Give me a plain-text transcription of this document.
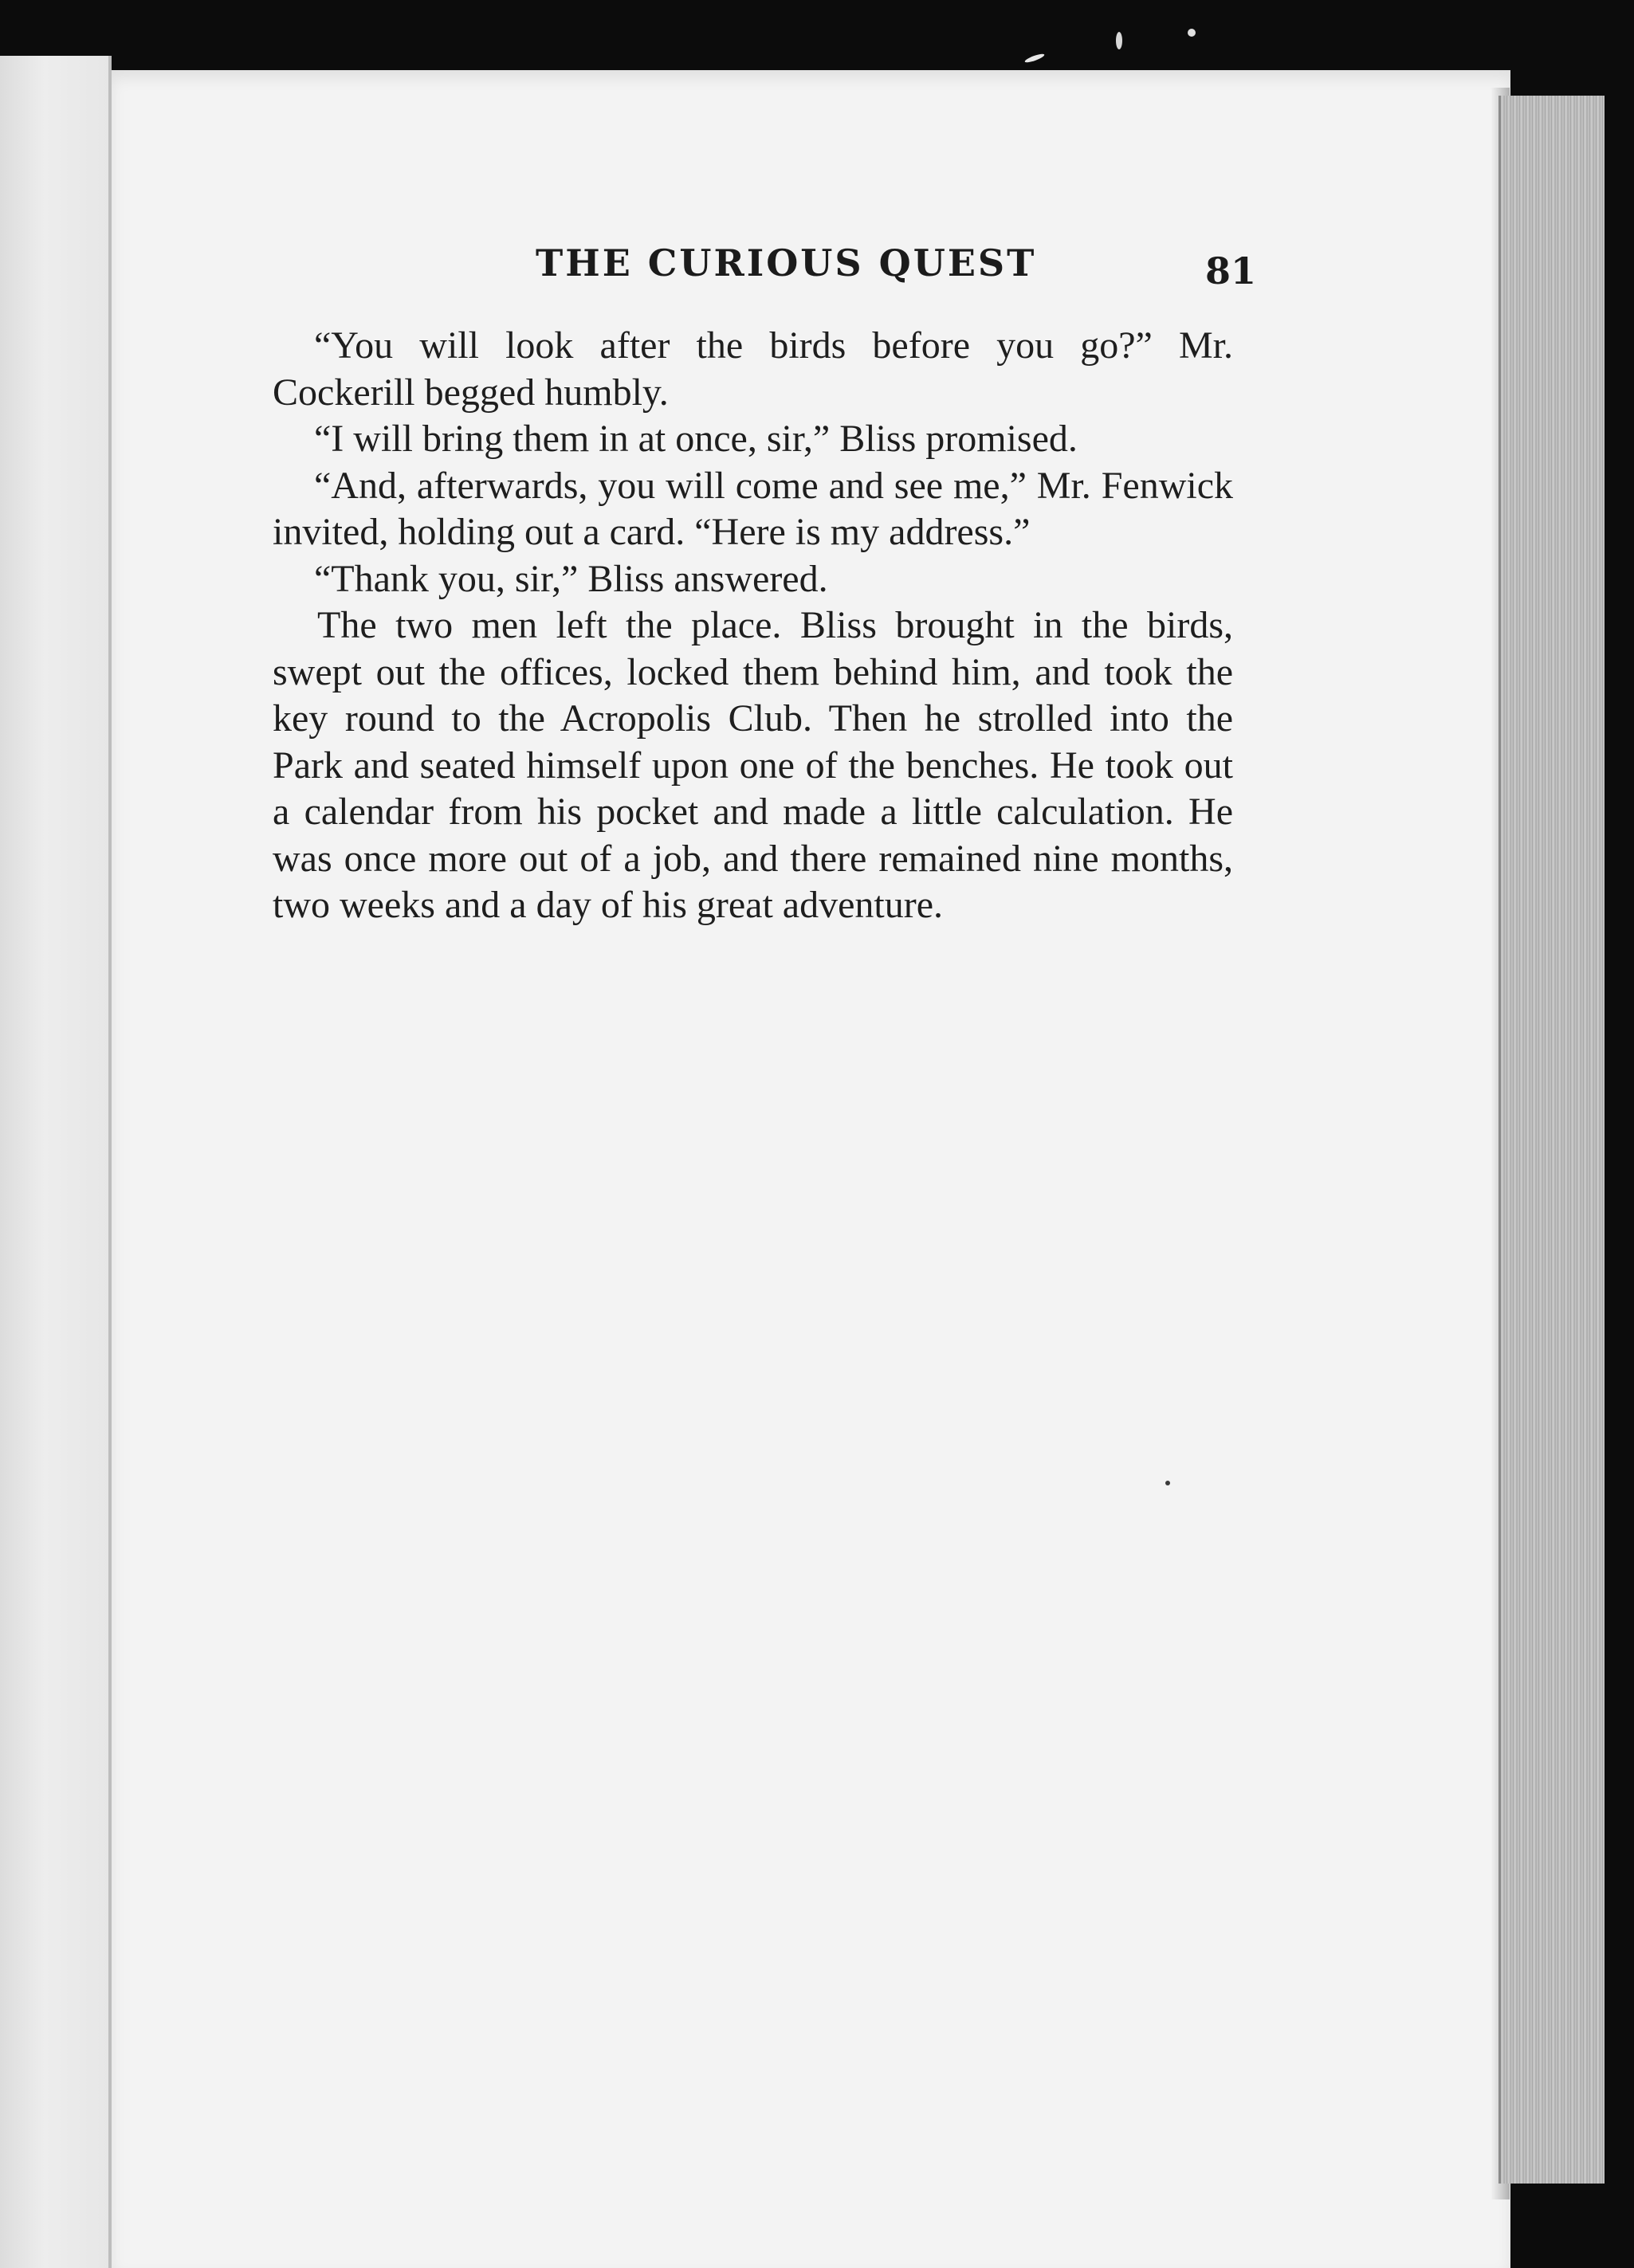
THE CURIOUS QUEST	81

“You will look after the birds before you go?” Mr. Cockerill begged humbly.

“I will bring them in at once, sir,” Bliss promised.

“And, afterwards, you will come and see me,” Mr. Fenwick invited, holding out a card. “Here is my address.”

“Thank you, sir,” Bliss answered.

The two men left the place. Bliss brought in the birds, swept out the offices, locked them behind him, and took the key round to the Acropolis Club. Then he strolled into the Park and seated himself upon one of the benches. He took out a calendar from his pocket and made a little calculation. He was once more out of a job, and there remained nine months, two weeks and a day of his great adventure.
